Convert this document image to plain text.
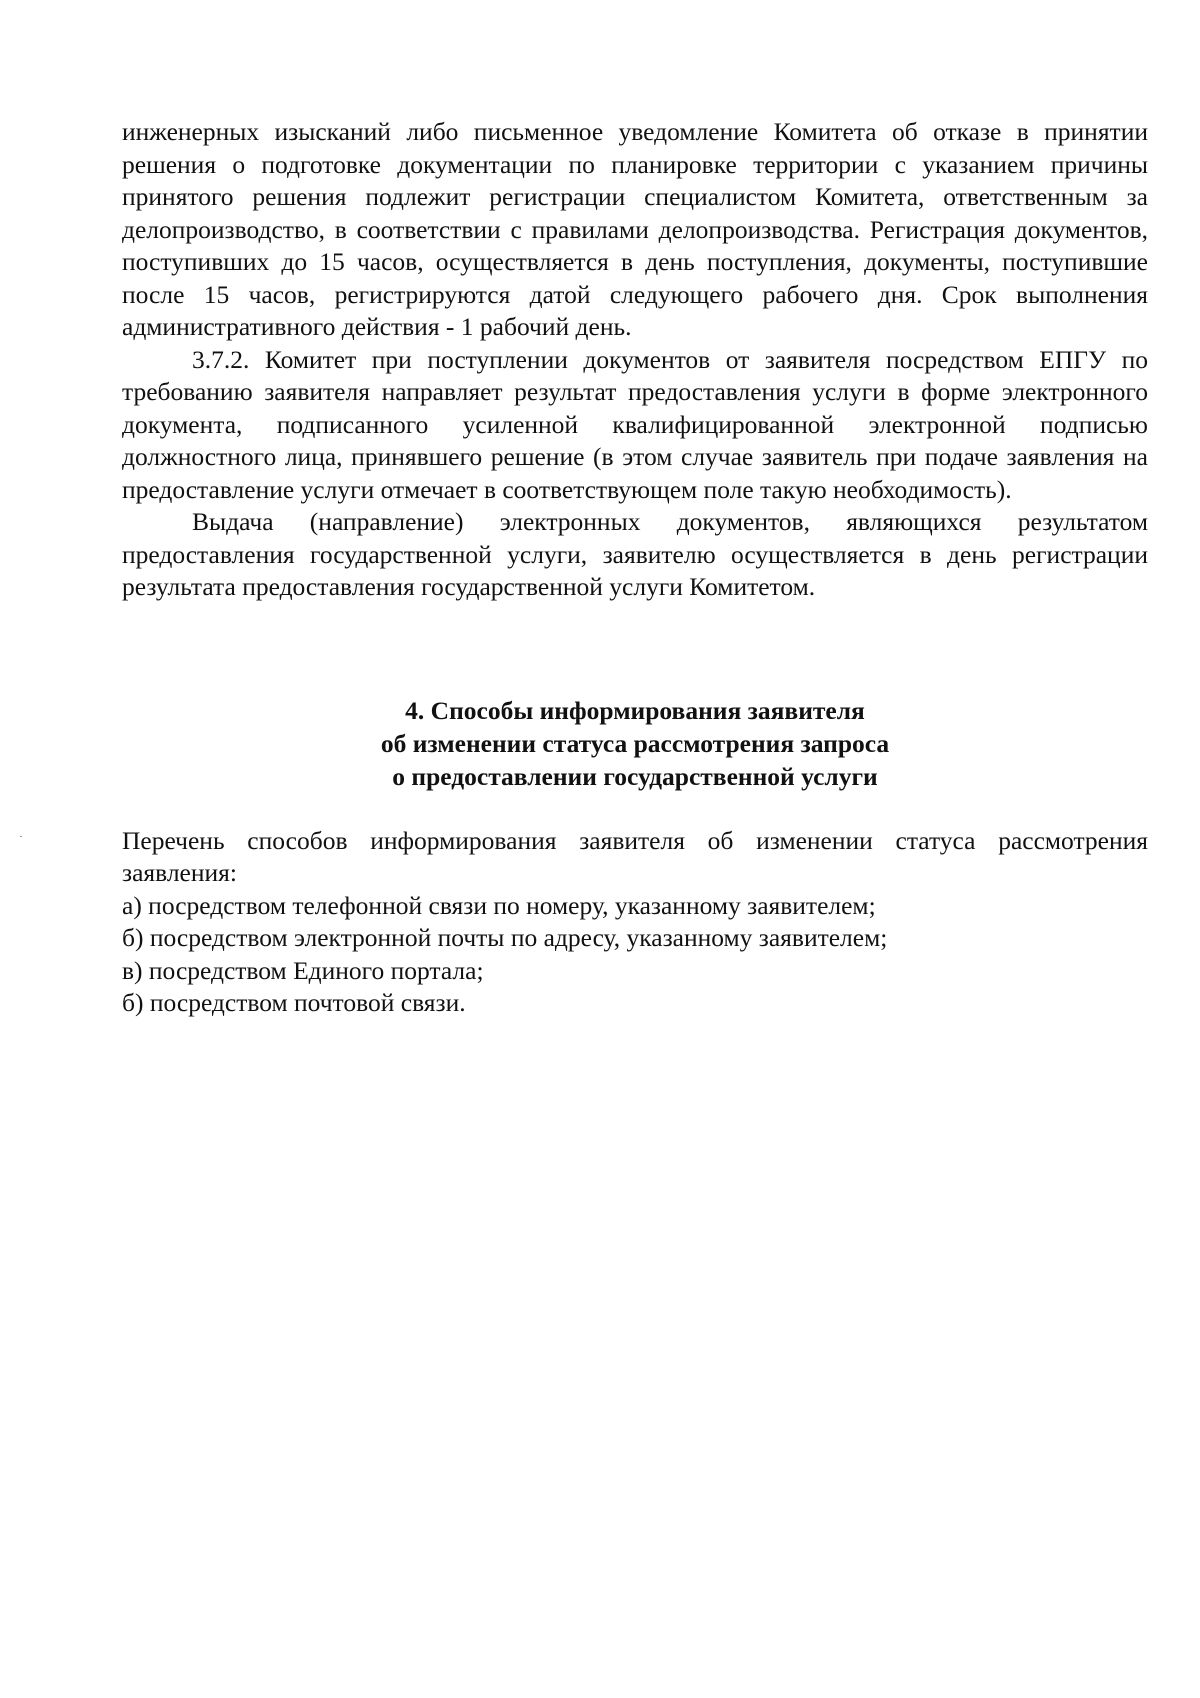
инженерных изысканий либо письменное уведомление Комитета об отказе в принятии решения о подготовке документации по планировке территории с указанием причины принятого решения подлежит регистрации специалистом Комитета, ответственным за делопроизводство, в соответствии с правилами делопроизводства. Регистрация документов, поступивших до 15 часов, осуществляется в день поступления, документы, поступившие после 15 часов, регистрируются датой следующего рабочего дня. Срок выполнения административного действия - 1 рабочий день.

3.7.2. Комитет при поступлении документов от заявителя посредством ЕПГУ по требованию заявителя направляет результат предоставления услуги в форме электронного документа, подписанного усиленной квалифицированной электронной подписью должностного лица, принявшего решение (в этом случае заявитель при подаче заявления на предоставление услуги отмечает в соответствующем поле такую необходимость).

Выдача (направление) электронных документов, являющихся результатом предоставления государственной услуги, заявителю осуществляется в день регистрации результата предоставления государственной услуги Комитетом.

4. Способы информирования заявителя
об изменении статуса рассмотрения запроса
о предоставлении государственной услуги

Перечень способов информирования заявителя об изменении статуса рассмотрения заявления:

а) посредством телефонной связи по номеру, указанному заявителем;

б) посредством электронной почты по адресу, указанному заявителем;

в) посредством Единого портала;

б) посредством почтовой связи.
